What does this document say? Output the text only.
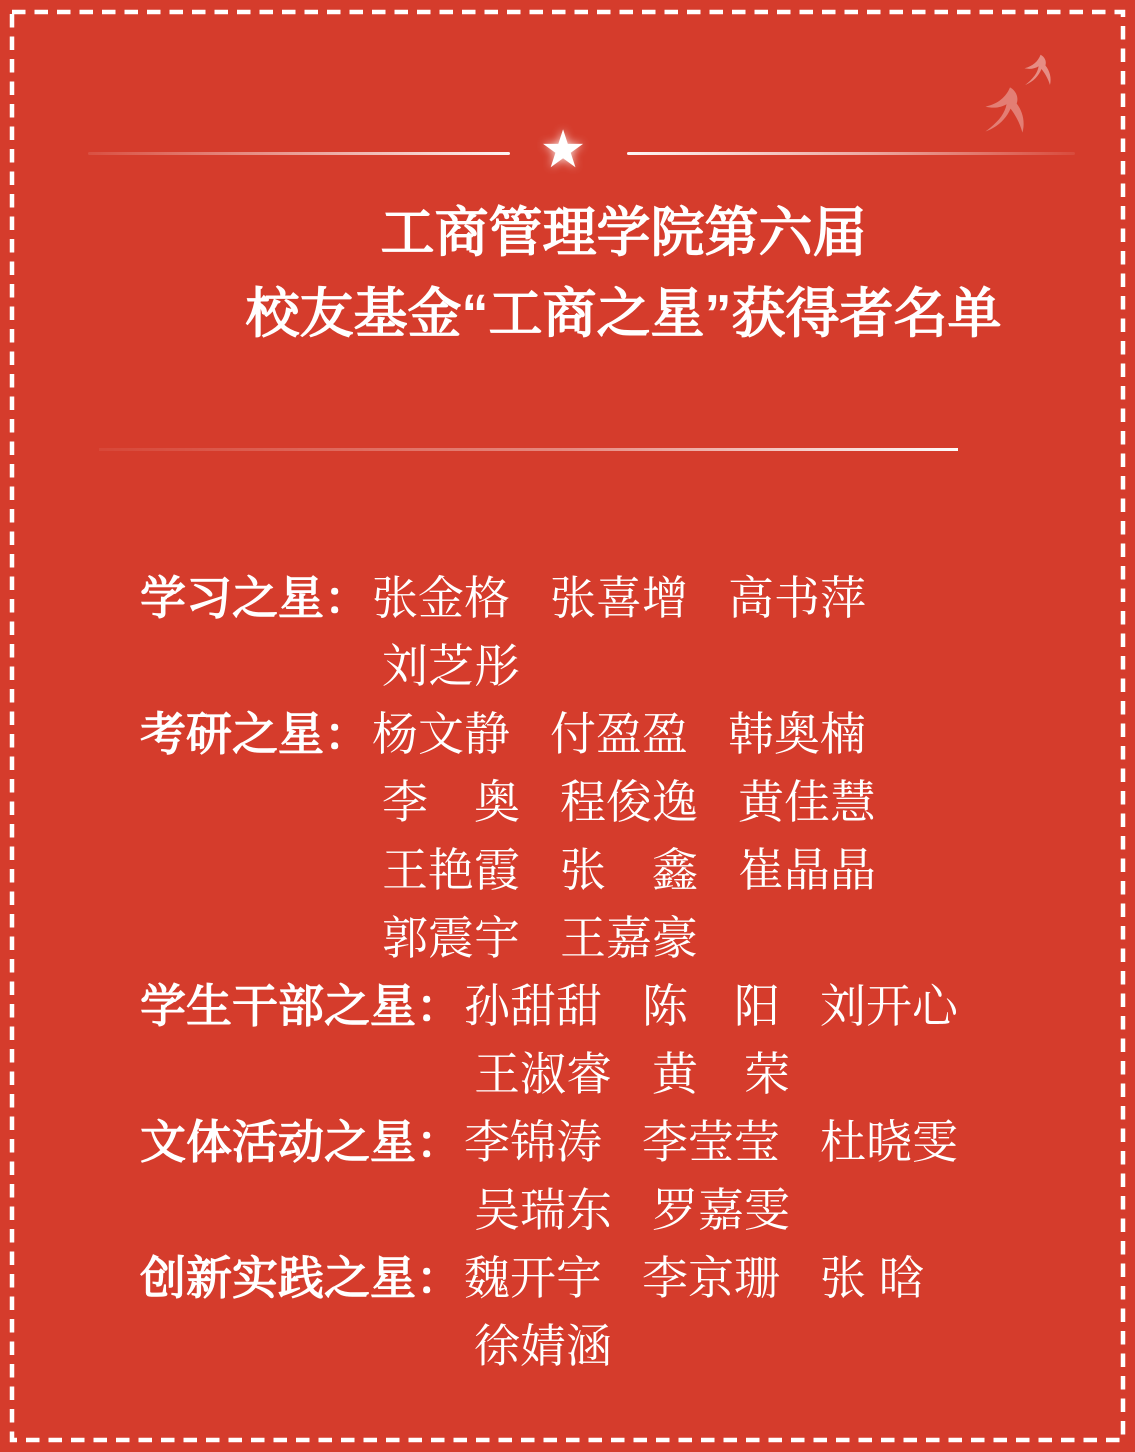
★
工商管理学院第六届
校友基金“工商之星”获得者名单
学习之星： 张金格 张喜增 高书萍
刘芝彤
考研之星： 杨文静 付盈盈 韩奥楠
李　奥 程俊逸 黄佳慧
王艳霞 张　鑫 崔晶晶
郭震宇 王嘉豪
学生干部之星： 孙甜甜 陈　阳 刘开心
王淑睿 黄　荣
文体活动之星： 李锦涛 李莹莹 杜晓雯
吴瑞东 罗嘉雯
创新实践之星： 魏开宇 李京珊 张 晗
徐婧涵
